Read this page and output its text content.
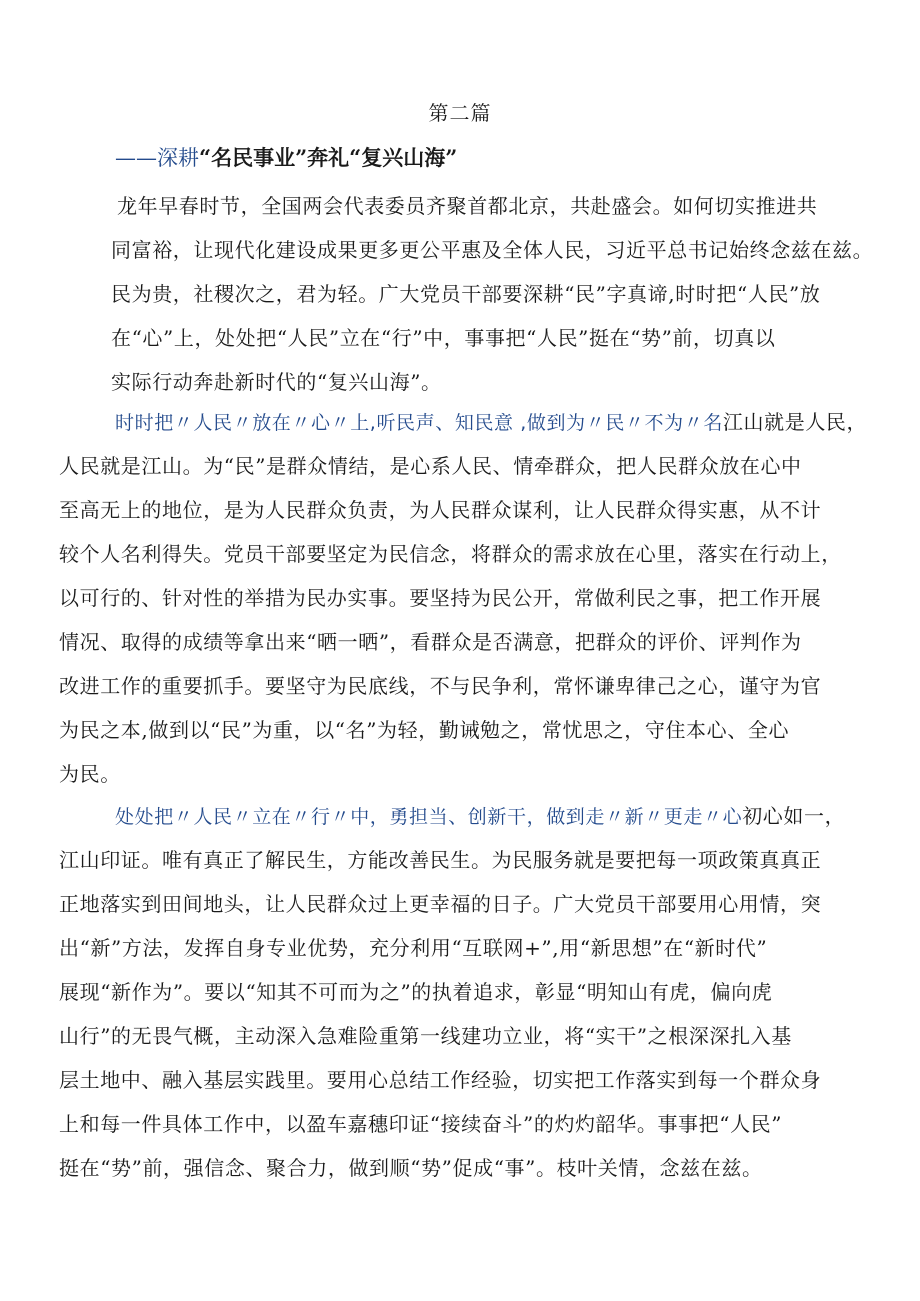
第二篇
——深耕“名民事业”奔礼“复兴山海”
龙年早春时节，全国两会代表委员齐聚首都北京，共赴盛会。如何切实推进共
同富裕，让现代化建设成果更多更公平惠及全体人民，习近平总书记始终念兹在兹。
民为贵，社稷次之，君为轻。广大党员干部要深耕“民”字真谛,时时把“人民”放
在“心”上，处处把“人民”立在“行”中，事事把“人民”挺在“势”前，切真以
实际行动奔赴新时代的“复兴山海”。
时时把〃人民〃放在〃心〃上,听民声、知民意 ,做到为〃民〃不为〃名江山就是人民，
人民就是江山。为“民”是群众情结，是心系人民、情牵群众，把人民群众放在心中
至高无上的地位，是为人民群众负责，为人民群众谋利，让人民群众得实惠，从不计
较个人名利得失。党员干部要坚定为民信念，将群众的需求放在心里，落实在行动上，
以可行的、针对性的举措为民办实事。要坚持为民公开，常做利民之事，把工作开展
情况、取得的成绩等拿出来“晒一晒”，看群众是否满意，把群众的评价、评判作为
改进工作的重要抓手。要坚守为民底线，不与民争利，常怀谦卑律己之心，谨守为官
为民之本,做到以“民”为重，以“名”为轻，勤诫勉之，常忧思之，守住本心、全心
为民。
处处把〃人民〃立在〃行〃中，勇担当、创新干，做到走〃新〃更走〃心初心如一，
江山印证。唯有真正了解民生，方能改善民生。为民服务就是要把每一项政策真真正
正地落实到田间地头，让人民群众过上更幸福的日子。广大党员干部要用心用情，突
出“新”方法，发挥自身专业优势，充分利用“互联网+”,用“新思想”在“新时代”
展现“新作为”。要以“知其不可而为之”的执着追求，彰显“明知山有虎，偏向虎
山行”的无畏气概，主动深入急难险重第一线建功立业，将“实干”之根深深扎入基
层土地中、融入基层实践里。要用心总结工作经验，切实把工作落实到每一个群众身
上和每一件具体工作中，以盈车嘉穗印证“接续奋斗”的灼灼韶华。事事把“人民”
挺在“势”前，强信念、聚合力，做到顺“势”促成“事”。枝叶关情，念兹在兹。
